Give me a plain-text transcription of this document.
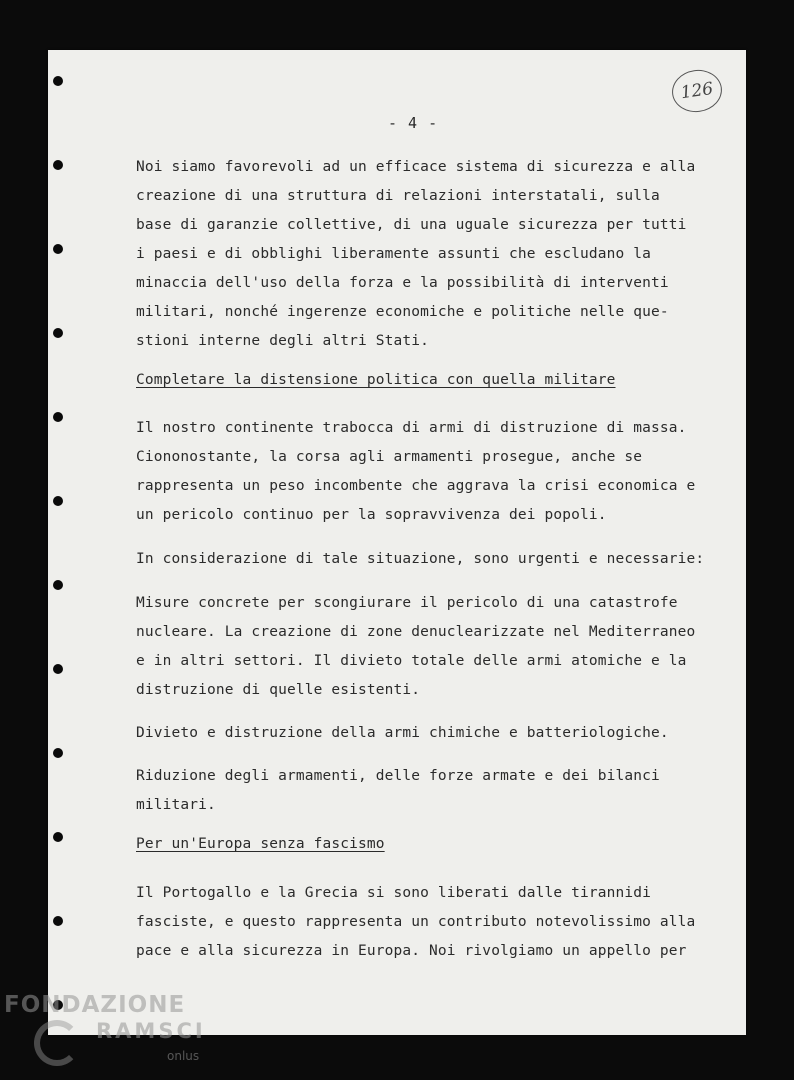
126
- 4 -
Noi siamo favorevoli ad un efficace sistema di sicurezza e alla
creazione di una struttura di relazioni interstatali, sulla
base di garanzie collettive, di una uguale sicurezza per tutti
i paesi e di obblighi liberamente assunti che escludano la
minaccia dell'uso della forza e la possibilità di interventi
militari, nonché ingerenze economiche e politiche nelle que-
stioni interne degli altri Stati.
Completare la distensione politica con quella militare
Il nostro continente trabocca di armi di distruzione di massa.
Ciononostante, la corsa agli armamenti prosegue, anche se
rappresenta un peso incombente che aggrava la crisi economica e
un pericolo continuo per la sopravvivenza dei popoli.
In considerazione di tale situazione, sono urgenti e necessarie:
Misure concrete per scongiurare il pericolo di una catastrofe
nucleare. La creazione di zone denuclearizzate nel Mediterraneo
e in altri settori. Il divieto totale delle armi atomiche e la
distruzione di quelle esistenti.
Divieto e distruzione della armi chimiche e batteriologiche.
Riduzione degli armamenti, delle forze armate e dei bilanci
militari.
Per un'Europa senza fascismo
Il Portogallo e la Grecia si sono liberati dalle tirannidi
fasciste, e questo rappresenta un contributo notevolissimo alla
pace e alla sicurezza in Europa. Noi rivolgiamo un appello per
FONDAZIONE
RAMSCI
onlus
